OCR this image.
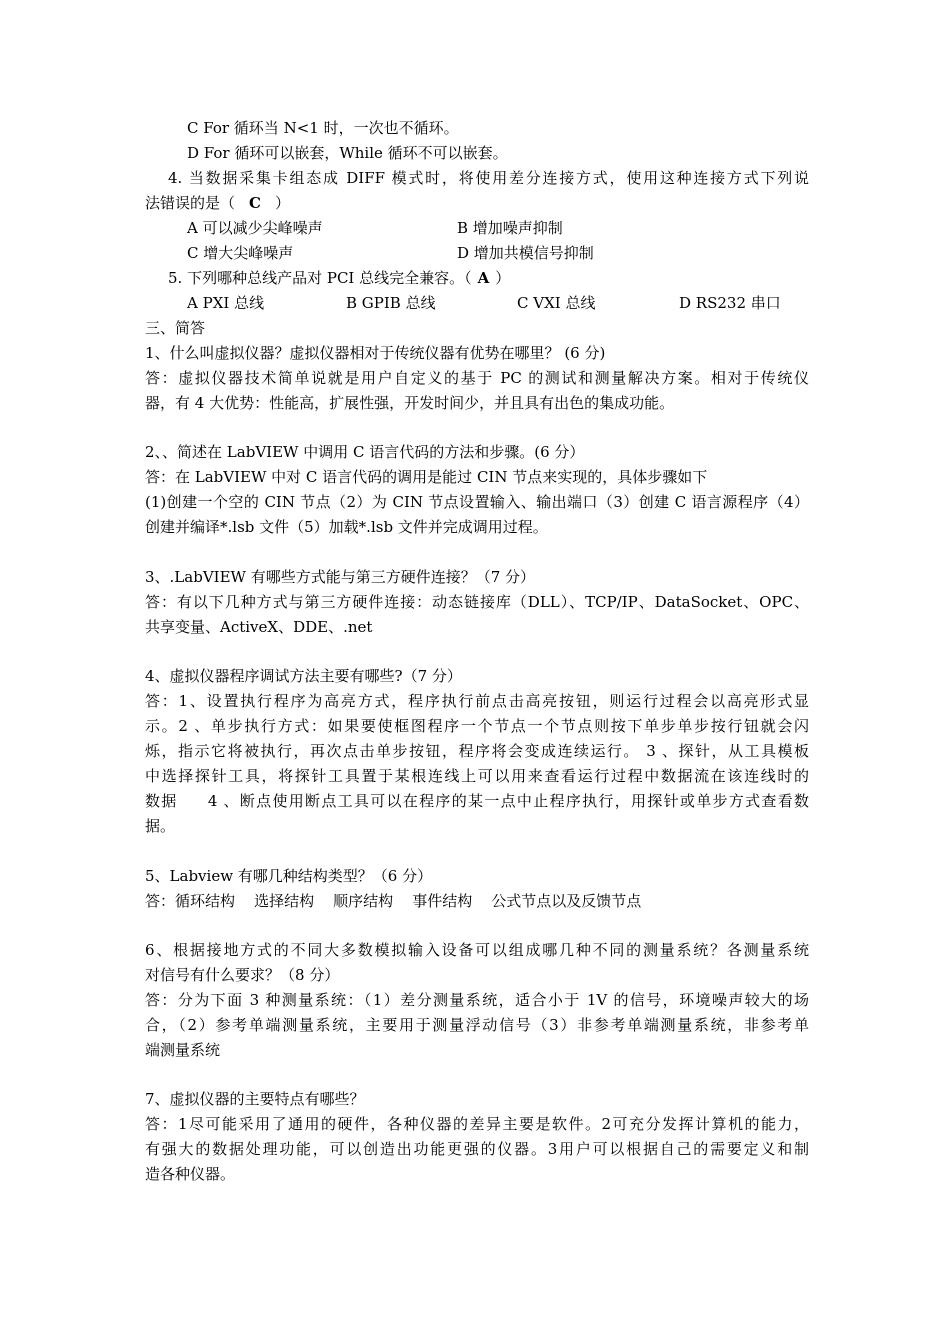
C For 循环当 N<1 时，一次也不循环。
D For 循环可以嵌套，While 循环不可以嵌套。
4. 当数据采集卡组态成 DIFF 模式时，将使用差分连接方式，使用这种连接方式下列说
法错误的是（ C ）
A 可以减少尖峰噪声	B 增加噪声抑制
C 增大尖峰噪声	D 增加共模信号抑制
5. 下列哪种总线产品对 PCI 总线完全兼容。（ A ）
A PXI 总线	B GPIB 总线	C VXI 总线	D RS232 串口
三、简答
1、什么叫虚拟仪器？虚拟仪器相对于传统仪器有优势在哪里？ (6 分)
答：虚拟仪器技术简单说就是用户自定义的基于 PC 的测试和测量解决方案。相对于传统仪
器，有 4 大优势：性能高，扩展性强，开发时间少，并且具有出色的集成功能。
2、、简述在 LabVIEW 中调用 C 语言代码的方法和步骤。(6 分）
答：在 LabVIEW 中对 C 语言代码的调用是能过 CIN 节点来实现的，具体步骤如下
(1)创建一个空的 CIN 节点（2）为 CIN 节点设置输入、输出端口（3）创建 C 语言源程序（4）
创建并编译*.lsb 文件（5）加载*.lsb 文件并完成调用过程。
3、.LabVIEW 有哪些方式能与第三方硬件连接？（7 分）
答：有以下几种方式与第三方硬件连接：动态链接库（DLL）、TCP/IP、DataSocket、OPC、
共享变量、ActiveX、DDE、.net
4、虚拟仪器程序调试方法主要有哪些?（7 分）
答：1、设置执行程序为高亮方式，程序执行前点击高亮按钮，则运行过程会以高亮形式显
示。2 、单步执行方式：如果要使框图程序一个节点一个节点则按下单步单步按行钮就会闪
烁，指示它将被执行，再次点击单步按钮，程序将会变成连续运行。 3 、探针，从工具模板
中选择探针工具，将探针工具置于某根连线上可以用来查看运行过程中数据流在该连线时的
数据     4 、断点使用断点工具可以在程序的某一点中止程序执行，用探针或单步方式查看数
据。
5、Labview 有哪几种结构类型？（6 分）
答：循环结构    选择结构    顺序结构    事件结构    公式节点以及反馈节点
6、根据接地方式的不同大多数模拟输入设备可以组成哪几种不同的测量系统？各测量系统
对信号有什么要求？（8 分）
答：分为下面 3 种测量系统：（1）差分测量系统，适合小于 1V 的信号，环境噪声较大的场
合，（2）参考单端测量系统，主要用于测量浮动信号（3）非参考单端测量系统，非参考单
端测量系统
7、虚拟仪器的主要特点有哪些？
答：1尽可能采用了通用的硬件，各种仪器的差异主要是软件。2可充分发挥计算机的能力，
有强大的数据处理功能，可以创造出功能更强的仪器。3用户可以根据自己的需要定义和制
造各种仪器。
